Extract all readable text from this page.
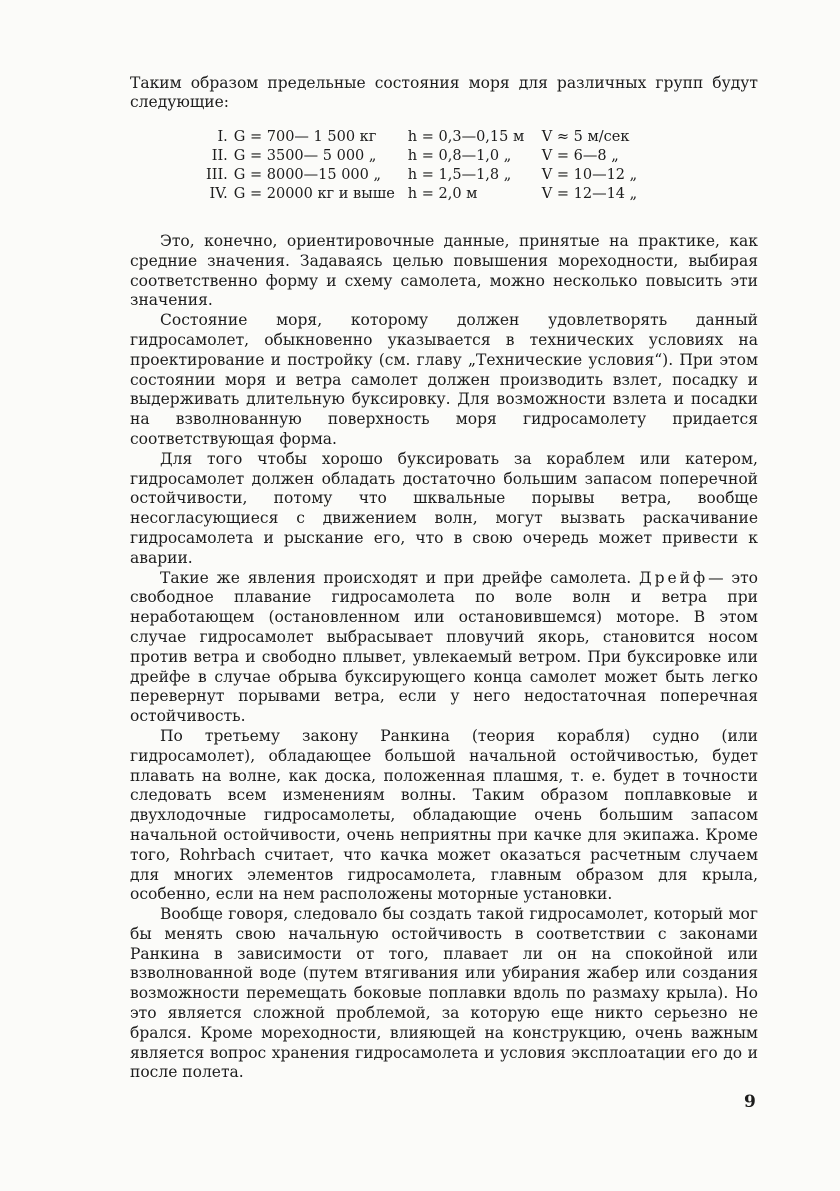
Таким образом предельные состояния моря для различных групп будут следующие:

I.	G = 700— 1 500 кг	h = 0,3—0,15 м	V ≈ 5 м/сек
II.	G = 3500— 5 000 „	h = 0,8—1,0 „	V = 6—8 „
III.	G = 8000—15 000 „	h = 1,5—1,8 „	V = 10—12 „
IV.	G = 20000 кг и выше	h = 2,0 м	V = 12—14 „

Это, конечно, ориентировочные данные, принятые на практике, как средние значения. Задаваясь целью повышения мореходности, выбирая соответственно форму и схему самолета, можно несколько повысить эти значения.

Состояние моря, которому должен удовлетворять данный гидросамолет, обыкновенно указывается в технических условиях на проектирование и постройку (см. главу „Технические условия“). При этом состоянии моря и ветра самолет должен производить взлет, посадку и выдерживать длительную буксировку. Для возможности взлета и посадки на взволнованную поверхность моря гидросамолету придается соответствующая форма.

Для того чтобы хорошо буксировать за кораблем или катером, гидросамолет должен обладать достаточно большим запасом поперечной остойчивости, потому что шквальные порывы ветра, вообще несогласующиеся с движением волн, могут вызвать раскачивание гидросамолета и рыскание его, что в свою очередь может привести к аварии.

Такие же явления происходят и при дрейфе самолета. Дрейф— это свободное плавание гидросамолета по воле волн и ветра при неработающем (остановленном или остановившемся) моторе. В этом случае гидросамолет выбрасывает пловучий якорь, становится носом против ветра и свободно плывет, увлекаемый ветром. При буксировке или дрейфе в случае обрыва буксирующего конца самолет может быть легко перевернут порывами ветра, если у него недостаточная поперечная остойчивость.

По третьему закону Ранкина (теория корабля) судно (или гидросамолет), обладающее большой начальной остойчивостью, будет плавать на волне, как доска, положенная плашмя, т. е. будет в точности следовать всем изменениям волны. Таким образом поплавковые и двухлодочные гидросамолеты, обладающие очень большим запасом начальной остойчивости, очень неприятны при качке для экипажа. Кроме того, Rohrbach считает, что качка может оказаться расчетным случаем для многих элементов гидросамолета, главным образом для крыла, особенно, если на нем расположены моторные установки.

Вообще говоря, следовало бы создать такой гидросамолет, который мог бы менять свою начальную остойчивость в соответствии с законами Ранкина в зависимости от того, плавает ли он на спокойной или взволнованной воде (путем втягивания или убирания жабер или создания возможности перемещать боковые поплавки вдоль по размаху крыла). Но это является сложной проблемой, за которую еще никто серьезно не брался. Кроме мореходности, влияющей на конструкцию, очень важным является вопрос хранения гидросамолета и условия эксплоатации его до и после полета.

9
